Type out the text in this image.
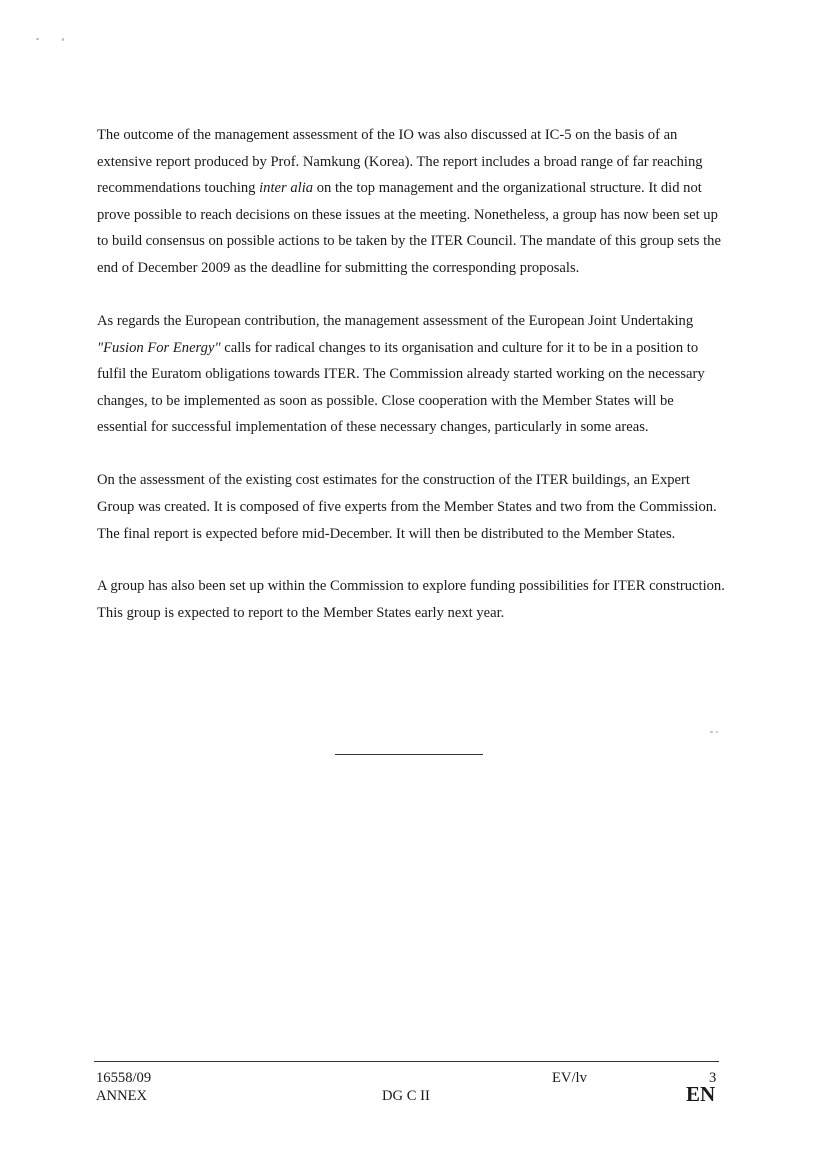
The outcome of the management assessment of the IO was also discussed at IC-5 on the basis of an extensive report produced by Prof. Namkung (Korea). The report includes a broad range of far reaching recommendations touching inter alia on the top management and the organizational structure. It did not prove possible to reach decisions on these issues at the meeting. Nonetheless, a group has now been set up to build consensus on possible actions to be taken by the ITER Council. The mandate of this group sets the end of December 2009 as the deadline for submitting the corresponding proposals.

As regards the European contribution, the management assessment of the European Joint Undertaking "Fusion For Energy" calls for radical changes to its organisation and culture for it to be in a position to fulfil the Euratom obligations towards ITER. The Commission already started working on the necessary changes, to be implemented as soon as possible. Close cooperation with the Member States will be essential for successful implementation of these necessary changes, particularly in some areas.

On the assessment of the existing cost estimates for the construction of the ITER buildings, an Expert Group was created. It is composed of five experts from the Member States and two from the Commission. The final report is expected before mid-December. It will then be distributed to the Member States.

A group has also been set up within the Commission to explore funding possibilities for ITER construction. This group is expected to report to the Member States early next year.

16558/09
ANNEX	DG C II
EV/lv	3
EN
